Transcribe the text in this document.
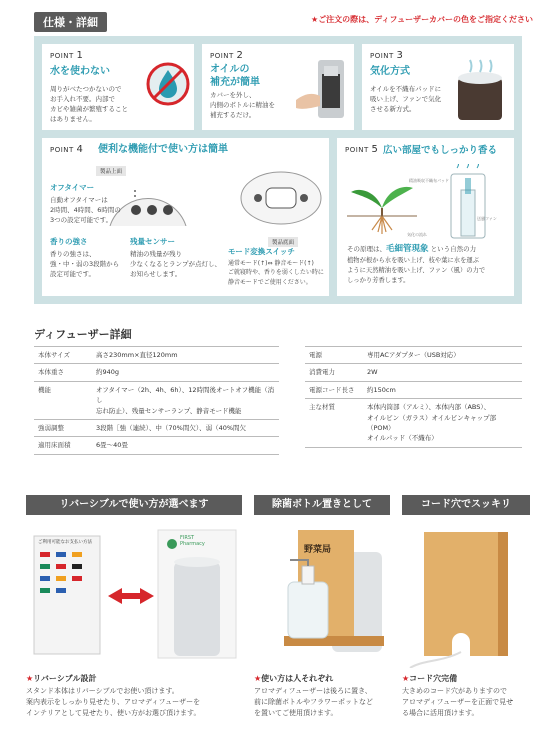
仕様・詳細	★ご注文の際は、ディフューザーカバーの色をご指定ください
POINT 1
水を使わない
周りがべたつかないので
お手入れ不要。内部で
カビや雑菌が繁殖すること
はありません。
POINT 2
オイルの
補充が簡単
カバーを外し、
内側のボトルに精油を
補充するだけ。
POINT 3
気化方式
オイルを不織布パッドに
吸い上げ、ファンで気化
させる新方式。
POINT 4 便利な機能付で使い方は簡単
製品上面
製品底面
オフタイマー
自動オフタイマーは
2時間、4時間、6時間の
3つの設定可能です。
香りの強さ
香りの強さは、
強・中・弱の3段階から
設定可能です。
残量センサー
精油の残量が残り
少なくなるとランプが点灯し、
お知らせします。
モード変換スイッチ
通常モード(↑)⇔ 静音モード(↑)
ご就寝時や、香りを弱くしたい時に
静音モードでご使用ください。
POINT 5 広い部屋でもしっかり香る
精油吸収不織布パッド
送風ファン
気化の流れ
その原理は、毛細管現象 という自然の力
植物が根から水を吸い上げ、枝や葉に水を運ぶ
ように天然精油を吸い上げ、ファン（風）の力で
しっかり芳香します。
ディフューザー詳細
本体サイズ	高さ230mm×直径120mm
本体重さ	約940g
機能	オフタイマー（2h、4h、6h）、12時間後オートオフ機能（消し
忘れ防止）、残量センサーランプ、静音モード機能

強弱調整	3段階［強（連続）、中（70%間欠）、弱（40%間欠
適用床面積	6畳〜40畳
電源	専用ACアダプター（USB対応）
消費電力	2W
電源コード長さ	約150cm
主な材質	本体内筒部（アルミ）、本体内部（ABS）、
オイルビン（ガラス）オイルビンキャップ部（POM）
オイルパッド（不織布）
リバーシブルで使い方が選べます
ご利用可能なお支払い方法
FIRST
Pharmacy
★リバーシブル設計
スタンド本体はリバーシブルでお使い頂けます。
案内表示をしっかり見せたり、アロマディフューザーを
インテリアとして見せたり、使い方がお選び頂けます。
除菌ボトル置きとして
野菜局
★使い方は人それぞれ
アロマディフューザーは後ろに置き、
前に除菌ボトルやフラワーポットなど
を置いてご使用頂けます。
コード穴でスッキリ
★コード穴完備
大きめのコード穴がありますので
アロマディフューザーを正面で見せ
る場合に活用頂けます。
